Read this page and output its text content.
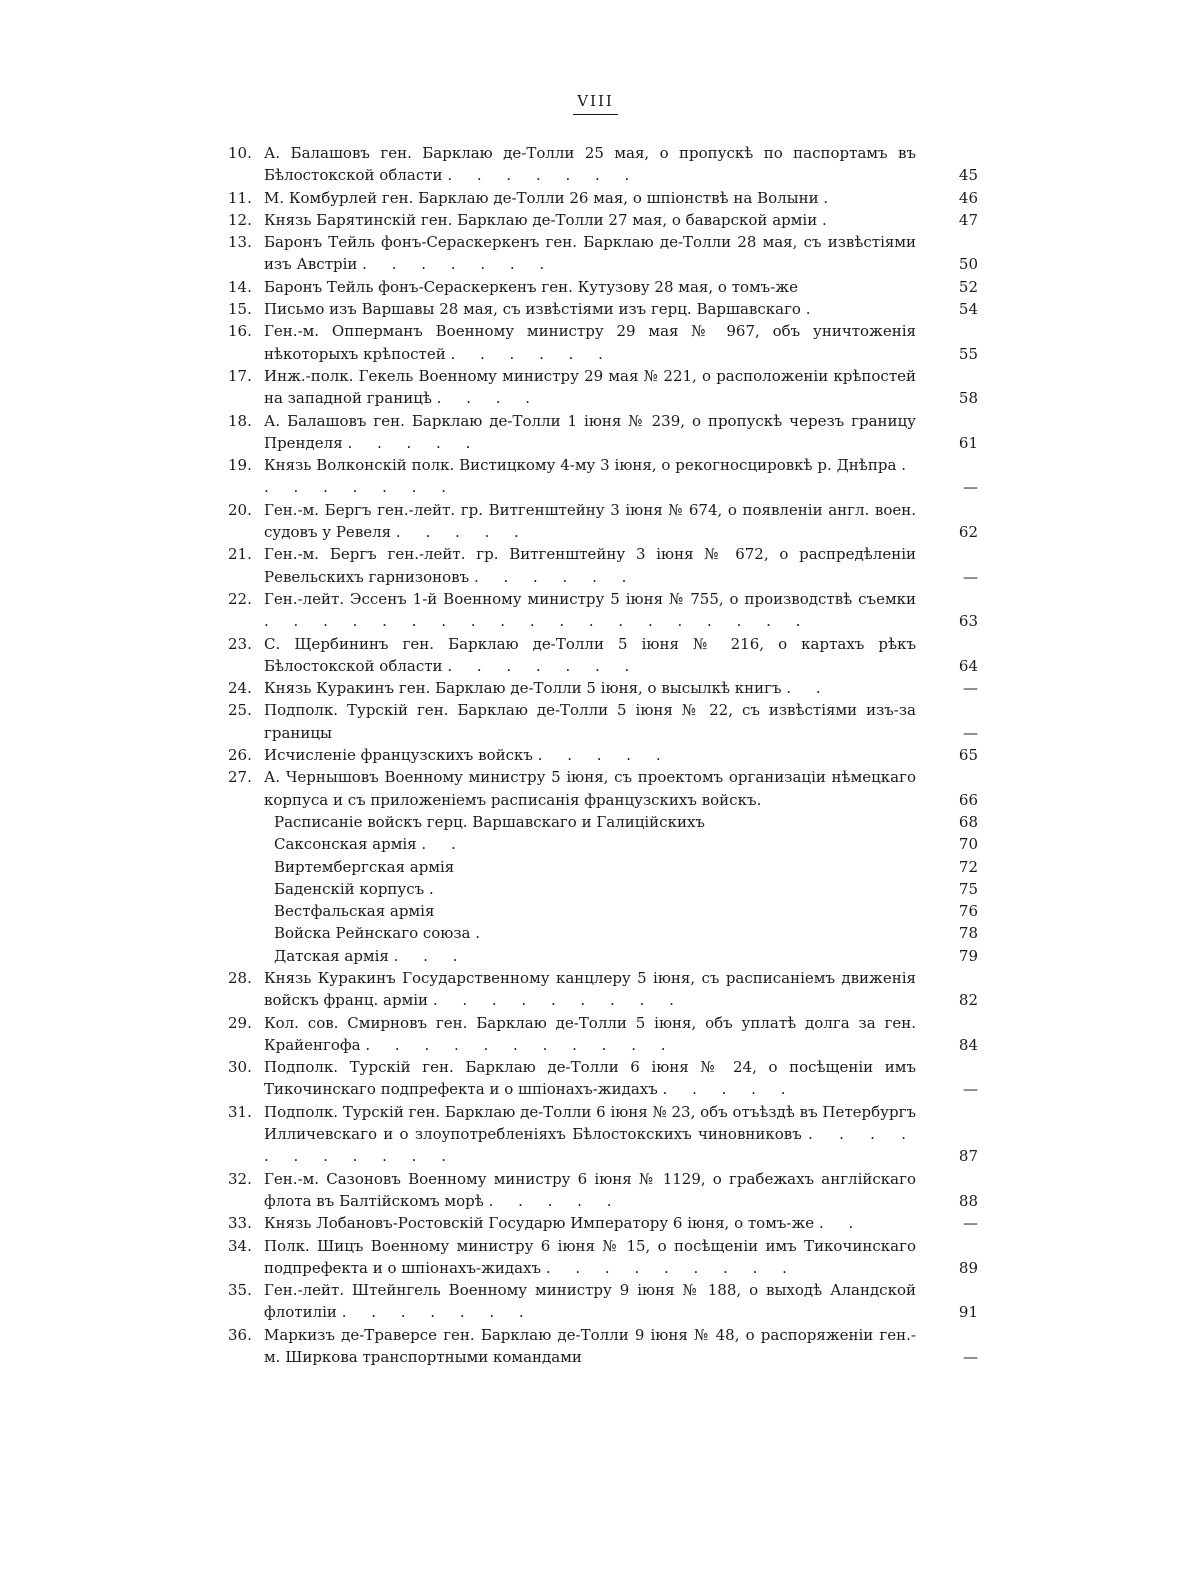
VIII
10. А. Балашовъ ген. Барклаю де-Толли 25 мая, о пропускѣ по паспортамъ въ Бѣлостокской области . . . . . . .	45
11. М. Комбурлей ген. Барклаю де-Толли 26 мая, о шпіонствѣ на Волыни .	46
12. Князь Барятинскій ген. Барклаю де-Толли 27 мая, о баварской арміи .	47
13. Баронъ Тейль фонъ-Сераскеркенъ ген. Барклаю де-Толли 28 мая, съ извѣстіями изъ Австріи . . . . . . .	50
14. Баронъ Тейль фонъ-Сераскеркенъ ген. Кутузову 28 мая, о томъ-же	52
15. Письмо изъ Варшавы 28 мая, съ извѣстіями изъ герц. Варшавскаго .	54
16. Ген.-м. Опперманъ Военному министру 29 мая № 967, объ уничтоженія нѣкоторыхъ крѣпостей . . . . . .	55
17. Инж.-полк. Гекель Военному министру 29 мая № 221, о расположеніи крѣпостей на западной границѣ . . . .	58
18. А. Балашовъ ген. Барклаю де-Толли 1 іюня № 239, о пропускѣ черезъ границу Прендeля . . . . .	61
19. Князь Волконскій полк. Вистицкому 4-му 3 іюня, о рекогносцировкѣ р. Днѣпра . . . . . . . .	—
20. Ген.-м. Бергъ ген.-лейт. гр. Витгенштейну 3 іюня № 674, о появленіи англ. воен. судовъ у Ревеля . . . . .	62
21. Ген.-м. Бергъ ген.-лейт. гр. Витгенштейну 3 іюня № 672, о распредѣленіи Ревельскихъ гарнизоновъ . . . . . .	—
22. Ген.-лейт. Эссенъ 1-й Военному министру 5 іюня № 755, о производствѣ съемки . . . . . . . . . . . . . . . . . . .	63
23. С. Щербининъ ген. Барклаю де-Толли 5 іюня № 216, о картахъ рѣкъ Бѣлостокской области . . . . . . .	64
24. Князь Куракинъ ген. Барклаю де-Толли 5 іюня, о высылкѣ книгъ . .	—
25. Подполк. Турскій ген. Барклаю де-Толли 5 іюня № 22, съ извѣстіями изъ-за границы	—
26. Исчисленіе французскихъ войскъ . . . . .	65
27. А. Чернышовъ Военному министру 5 іюня, съ проектомъ организаціи нѣмецкаго корпуса и съ приложеніемъ расписанія французскихъ войскъ.	66
Расписаніе войскъ герц. Варшавскаго и Галиційскихъ	68
Саксонская армія . .	70
Виртембергская армія	72
Баденскій корпусъ .	75
Вестфальская армія	76
Войска Рейнскаго союза .	78
Датская армія . . .	79
28. Князь Куракинъ Государственному канцлеру 5 іюня, съ расписаніемъ движенія войскъ франц. арміи . . . . . . . . .	82
29. Кол. сов. Смирновъ ген. Барклаю де-Толли 5 іюня, объ уплатѣ долга за ген. Крайенгофа . . . . . . . . . . .	84
30. Подполк. Турскій ген. Барклаю де-Толли 6 іюня № 24, о посѣщеніи имъ Тикочинскаго подпрефекта и о шпіонахъ-жидахъ . . . . .	—
31. Подполк. Турскій ген. Барклаю де-Толли 6 іюня № 23, объ отъѣздѣ въ Петербургъ Илличевскаго и о злоупотребленіяхъ Бѣлостокскихъ чиновниковъ . . . . . . . . . . .	87
32. Ген.-м. Сазоновъ Военному министру 6 іюня № 1129, о грабежахъ англійскаго флота въ Балтійскомъ морѣ . . . . .	88
33. Князь Лобановъ-Ростовскій Государю Императору 6 іюня, о томъ-же . .	—
34. Полк. Шицъ Военному министру 6 іюня № 15, о посѣщеніи имъ Тикочинскаго подпрефекта и о шпіонахъ-жидахъ . . . . . . . . .	89
35. Ген.-лейт. Штейнгель Военному министру 9 іюня № 188, о выходѣ Аландской флотиліи . . . . . . .	91
36. Маркизъ де-Траверсе ген. Барклаю де-Толли 9 іюня № 48, о распоряженіи ген.-м. Ширкова транспортными командами	—
